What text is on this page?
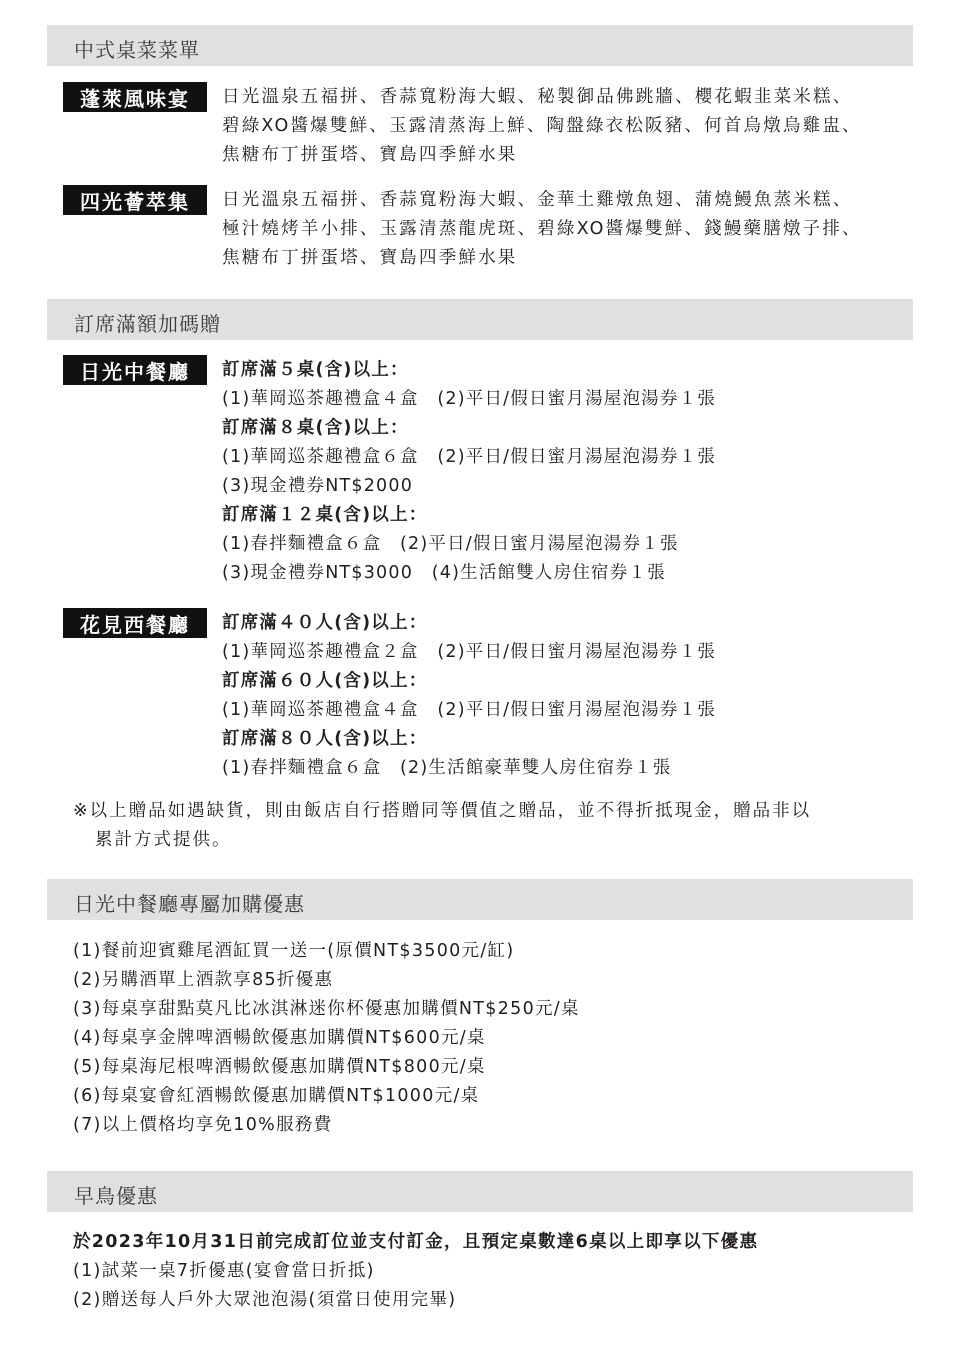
中式桌菜菜單
蓬萊風味宴	日光溫泉五福拼、香蒜寬粉海大蝦、秘製御品佛跳牆、櫻花蝦韭菜米糕、
碧綠XO醬爆雙鮮、玉露清蒸海上鮮、陶盤綠衣松阪豬、何首烏燉烏雞盅、
焦糖布丁拼蛋塔、寶島四季鮮水果
四光薈萃集	日光溫泉五福拼、香蒜寬粉海大蝦、金華土雞燉魚翅、蒲燒鰻魚蒸米糕、
極汁燒烤羊小排、玉露清蒸龍虎斑、碧綠XO醬爆雙鮮、錢鰻藥膳燉子排、
焦糖布丁拼蛋塔、寶島四季鮮水果
訂席滿額加碼贈
日光中餐廳	訂席滿５桌(含)以上：
(1)華岡巡茶趣禮盒４盒　(2)平日/假日蜜月湯屋泡湯券１張
訂席滿８桌(含)以上：
(1)華岡巡茶趣禮盒６盒　(2)平日/假日蜜月湯屋泡湯券１張
(3)現金禮券NT$2000
訂席滿１２桌(含)以上：
(1)春拌麵禮盒６盒　(2)平日/假日蜜月湯屋泡湯券１張
(3)現金禮券NT$3000　(4)生活館雙人房住宿券１張
花見西餐廳	訂席滿４０人(含)以上：
(1)華岡巡茶趣禮盒２盒　(2)平日/假日蜜月湯屋泡湯券１張
訂席滿６０人(含)以上：
(1)華岡巡茶趣禮盒４盒　(2)平日/假日蜜月湯屋泡湯券１張
訂席滿８０人(含)以上：
(1)春拌麵禮盒６盒　(2)生活館豪華雙人房住宿券１張
※以上贈品如遇缺貨，則由飯店自行搭贈同等價值之贈品，並不得折抵現金，贈品非以
累計方式提供。
日光中餐廳專屬加購優惠
(1)餐前迎賓雞尾酒缸買一送一(原價NT$3500元/缸)
(2)另購酒單上酒款享85折優惠
(3)每桌享甜點莫凡比冰淇淋迷你杯優惠加購價NT$250元/桌
(4)每桌享金牌啤酒暢飲優惠加購價NT$600元/桌
(5)每桌海尼根啤酒暢飲優惠加購價NT$800元/桌
(6)每桌宴會紅酒暢飲優惠加購價NT$1000元/桌
(7)以上價格均享免10%服務費
早鳥優惠
於2023年10月31日前完成訂位並支付訂金，且預定桌數達6桌以上即享以下優惠
(1)試菜一桌7折優惠(宴會當日折抵)
(2)贈送每人戶外大眾池泡湯(須當日使用完畢)
